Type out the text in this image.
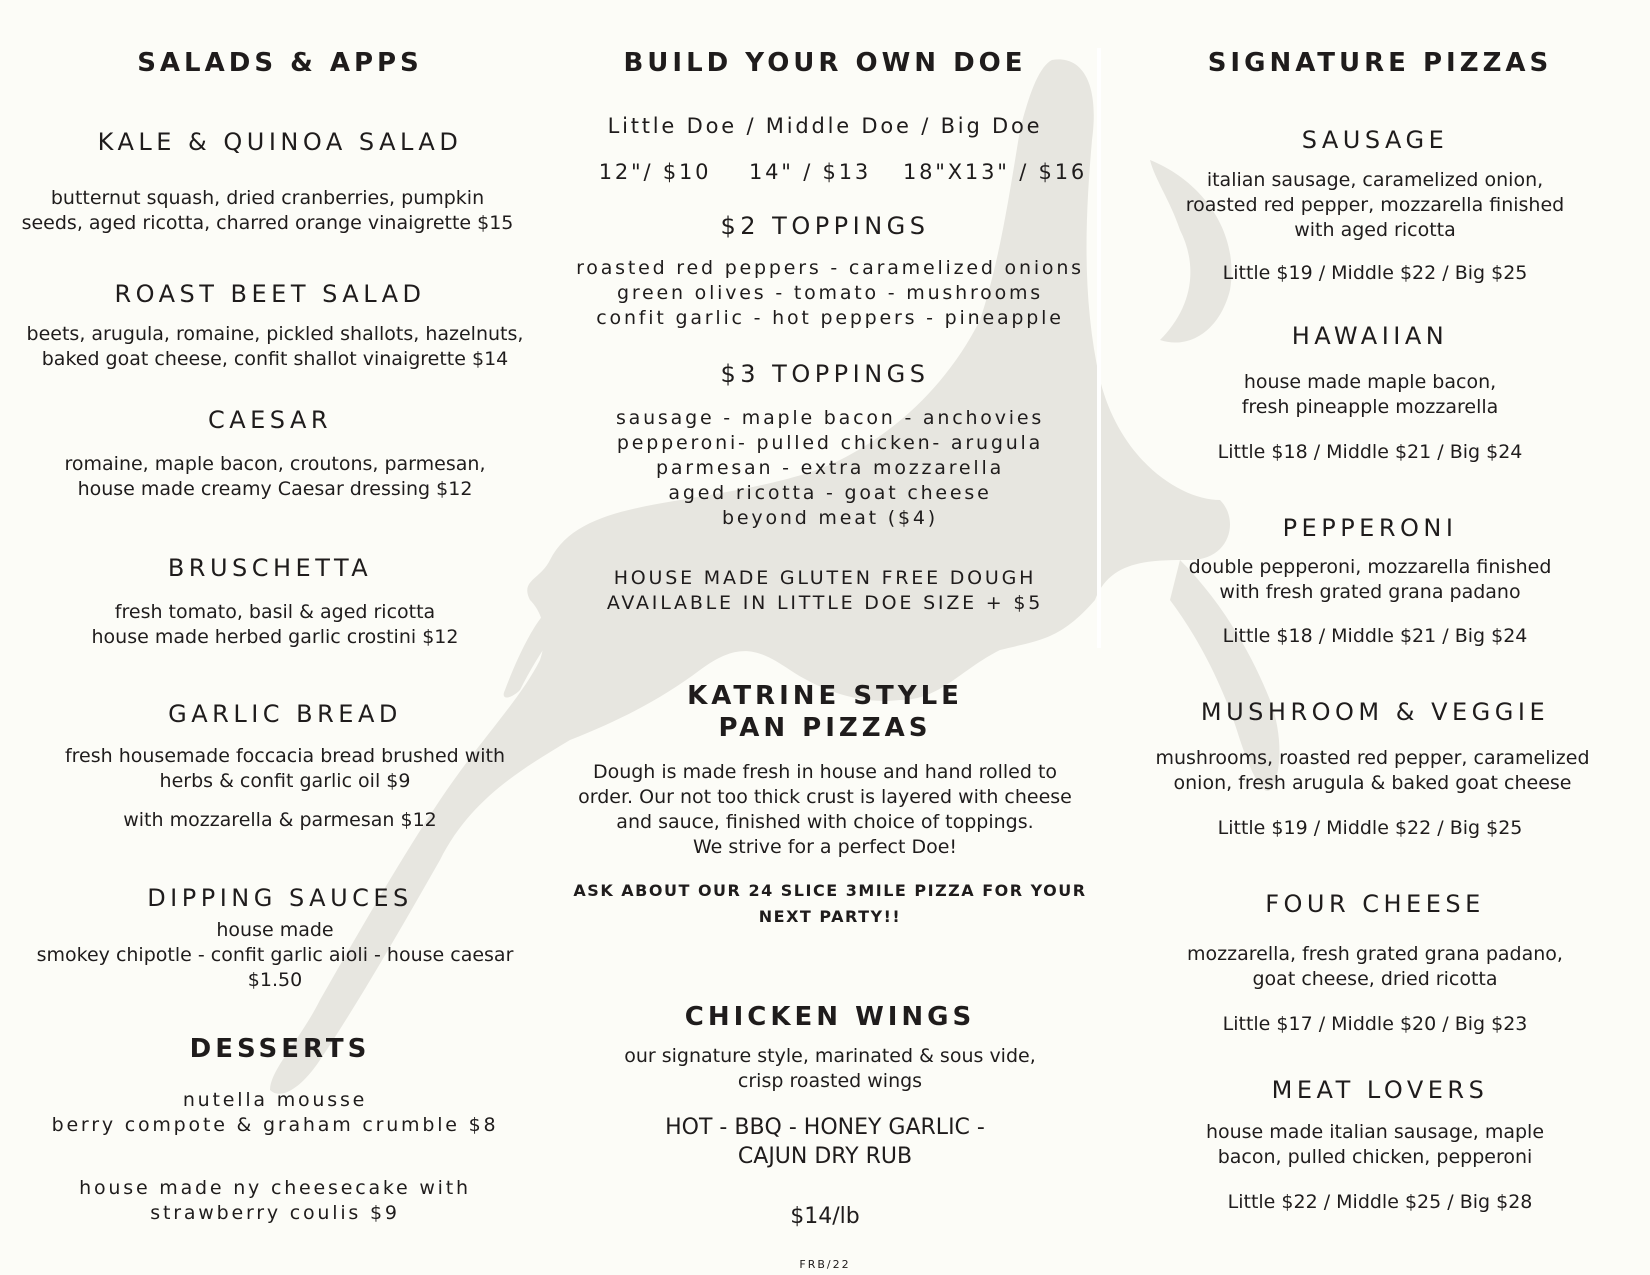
SALADS & APPS
KALE & QUINOA SALAD
butternut squash, dried cranberries, pumpkin
seeds, aged ricotta, charred orange vinaigrette $15
ROAST BEET SALAD
beets, arugula, romaine, pickled shallots, hazelnuts,
baked goat cheese, confit shallot vinaigrette $14
CAESAR
romaine, maple bacon, croutons, parmesan,
house made creamy Caesar dressing $12
BRUSCHETTA
fresh tomato, basil & aged ricotta
house made herbed garlic crostini $12
GARLIC BREAD
fresh housemade foccacia bread brushed with
herbs & confit garlic oil $9
with mozzarella & parmesan $12
DIPPING SAUCES
house made
smokey chipotle - confit garlic aioli - house caesar
$1.50
DESSERTS
nutella mousse
berry compote & graham crumble $8
house made ny cheesecake with
strawberry coulis $9
BUILD YOUR OWN DOE
Little Doe / Middle Doe / Big Doe
12"/ $10	14" / $13 18"X13" / $16
$2 TOPPINGS
roasted red peppers - caramelized onions
green olives - tomato - mushrooms
confit garlic - hot peppers - pineapple
$3 TOPPINGS
sausage - maple bacon - anchovies
pepperoni- pulled chicken- arugula
parmesan - extra mozzarella
aged ricotta - goat cheese
beyond meat ($4)
HOUSE MADE GLUTEN FREE DOUGH
AVAILABLE IN LITTLE DOE SIZE + $5
KATRINE STYLE
PAN PIZZAS
Dough is made fresh in house and hand rolled to
order. Our not too thick crust is layered with cheese
and sauce, finished with choice of toppings.
We strive for a perfect Doe!
ASK ABOUT OUR 24 SLICE 3MILE PIZZA FOR YOUR
NEXT PARTY!!
CHICKEN WINGS
our signature style, marinated & sous vide,
crisp roasted wings
HOT - BBQ - HONEY GARLIC -
CAJUN DRY RUB
$14/lb
FRB/22
SIGNATURE PIZZAS
SAUSAGE
italian sausage, caramelized onion,
roasted red pepper, mozzarella finished
with aged ricotta
Little $19 / Middle $22 / Big $25
HAWAIIAN
house made maple bacon,
fresh pineapple mozzarella
Little $18 / Middle $21 / Big $24
PEPPERONI
double pepperoni, mozzarella finished
with fresh grated grana padano
Little $18 / Middle $21 / Big $24
MUSHROOM & VEGGIE
mushrooms, roasted red pepper, caramelized
onion, fresh arugula & baked goat cheese
Little $19 / Middle $22 / Big $25
FOUR CHEESE
mozzarella, fresh grated grana padano,
goat cheese, dried ricotta
Little $17 / Middle $20 / Big $23
MEAT LOVERS
house made italian sausage, maple
bacon, pulled chicken, pepperoni
Little $22 / Middle $25 / Big $28
